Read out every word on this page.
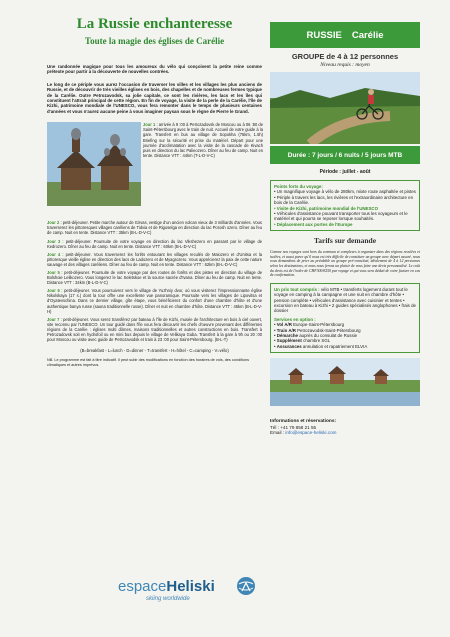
La Russie enchanteresse
Toute la magie des églises de Carélie
Une randonnée magique pour tous les amoureux du vélo qui conçoivent la petite reine comme prétexte pour partir à la découverte de nouvelles contrées.
Le long de ce périple vous aurez l'occasion de traverser les villes et les villages les plus anciens de Russie, et de découvrir de très vieilles églises en bois, des chapelles et de nombreuses fermes typique de la Carélie. Outre Petrozavodsk, sa jolie capitale, ce sont les rivières, les lacs et les îles qui constituent l'attrait principal de cette région. En fin de voyage, la visite de la perle de la Carélie, l'île de Kizhi, patrimoine mondiale de l'UNESCO, vous fera remonter dans le temps de plusieurs centaines d'années et vous n'aurez aucune peine à vous imaginer paysan sous le règne de Pierre le Grand.
Jour 1 : arrivée à 9 :00 à Petrozadovsk de Moscou ou à 06 :50 de Saint-Pétersbourg avec le train de nuit. Accueil de votre guide à la gare. Transfert en bus au village de Sopokha (75km, 1.5h) Briefing sur la sécurité et prise du matériel. Départ pour une journée d'acclimatation avec la visite de la cascade de Kivach puis en direction du lac Palieozero. Dîner au feu de camp. Nuit en tente. Distance VTT : 44km (T-L-D-V-C)
Jour 2 : petit-déjeuner. Petite marche autour de Girvas, vestige d'un ancien volcan vieux de 3 milliards d'années. Vous traverserez les pittoresques villages caréliens de Tidvia et de Rigoselga en direction du lac Porosh ozero. Dîner au feu de camp. Nuit en tente. Distance VTT : 35km (B-L-D-V-C)
Jour 3 : petit-déjeuner. Poursuite de votre voyage en direction du lac Vikshezero en passant par le village de Kedrozero. Dîner au feu de camp. Nuit en tente. Distance VTT : 60km (B-L-D-V-C)
Jour 4 : petit-déjeuner. Vous traverserez les forêts entourant les villages reculés de Maiozero et d'Unitsa et la pittoresque vieille église en direction des lacs de Ladozero et de Myagrozero. Vous apprécierez la paix de cette nature sauvage et des villages caréliens. Dîner au feu de camp. Nuit en tente. Distance VTT : 62km (B-L-D-V-C)
Jour 5 : petit-déjeuner. Poursuite de votre voyage par des routes de forêts et des pistes en direction du village de Bolshoie Lelikozero. Vous longerez le lac Seletskoe et la source sacrée d'Ivana. Dîner au feu de camp. Nuit en tente. Distance VTT : 34km (B-L-D-V-C)
Jour 6 : petit-déjeuner. Vous poursuivrez vers le village de Yuzhniy dvor, où vous visiterez l'impressionnante église Nikolskaya (17 s.) dont la tour offre une excellente vue panoramique. Poursuite vers les villages de Lipovitsa et d'Oyatevschina. Dans ce dernier village, gîte étape, vous bénéficierez du confort d'une chambre d'hôte et d'une authentique banya russe (sauna traditionnelle russe). Dîner et nuit en chambre d'hôte. Distance VTT : 45km (B-L-D-V-H)
Jour 7 : petit-déjeuner. Vous serez transférez par bateau à l'île de Kizhi, musée de l'architecture en bois à ciel ouvert, site reconnu par l'UNESCO. Un tour guidé dans l'île vous fera découvrir les chefs d'oeuvre provenant des différentes régions de la Carélie : églises multi dômes, maisons traditionnelles et autres constructions en bois. Transfert à Petrozadovsk soit en hydrofoil ou en mini bus depuis le village de Velikaya Guba. Transfert à la gare à 9h ou 20 :00 pour Moscou ou visite avec guide de Petrozavodsk et train à 23 :00 pour Saint-Pétersbourg. (B-L-T)
(B=breakfast - L=lunch - D=dinner - T=transfert - H=hôtel - C=camping - V=vélo)
NB. Le programme est fait à titre indicatif. Il peut subir des modifications en fonction des horaires de vols, des conditions climatiques et autres imprévus.
espaceHeliski
skiing worldwide
RUSSIE Carélie
GROUPE de 4 à 12 personnes
Niveau requis : moyen
Durée : 7 jours / 6 nuits / 5 jours MTB
Période : juillet - août
Points forts du voyage:
• Un magnifique voyage à vélo de 280km, mixte route asphaltée et pistes
• Périple à travers les lacs, les rivières et l'extraordinaire architecture en bois de la Carélie.
• Visite de Kizhi, patrimoine mondial de l'UNESCO
• Véhicules d'assistance pouvant transporter tous les voyageurs et le matériel et qui pourra se reposer lorsque souhaités.
• Déplacement aux portes de l'Europe
Tarifs sur demande
Comme nos voyages sont hors du commun et complexes à organiser dans des régions reculées et isolées, et aussi parce qu'il nous est très difficile de constituer un groupe avec départ assuré, nous vous demandons de prier au préalable un groupe pré-constitué, idéalement de 4 à 12 personnes selon les destinations, et nous nous ferons un plaisir de vous faire une devis personnalisé. Le coût du devis est de l'ordre de CHF300/€250 par voyage et qui vous sera déduit de votre facture en cas de confirmation.
Un prix tout compris : vélo MTB • transferts logement durant tout le voyage en camping à la campagne et une nuit en chambre d'hôte • pension complète • véhicules d'assistance avec cuisinier et tentes • excursion en bateau à Kizhi • 2 guides spécialisés anglophones • frais de dossier
Services en option :
• Vol A/R Europe-Saint-Pétersbourg
• Train A/R Petrozavodsk-Saint-Pétersbourg
• Démarche auprès du consulat de Russie
• Supplément chambre SGL
• Assurances annulation et rapatriement ELVIA
Informations et réservations:
Tél : +41 79 858 21 55
Email : info@espace-heliski.com
